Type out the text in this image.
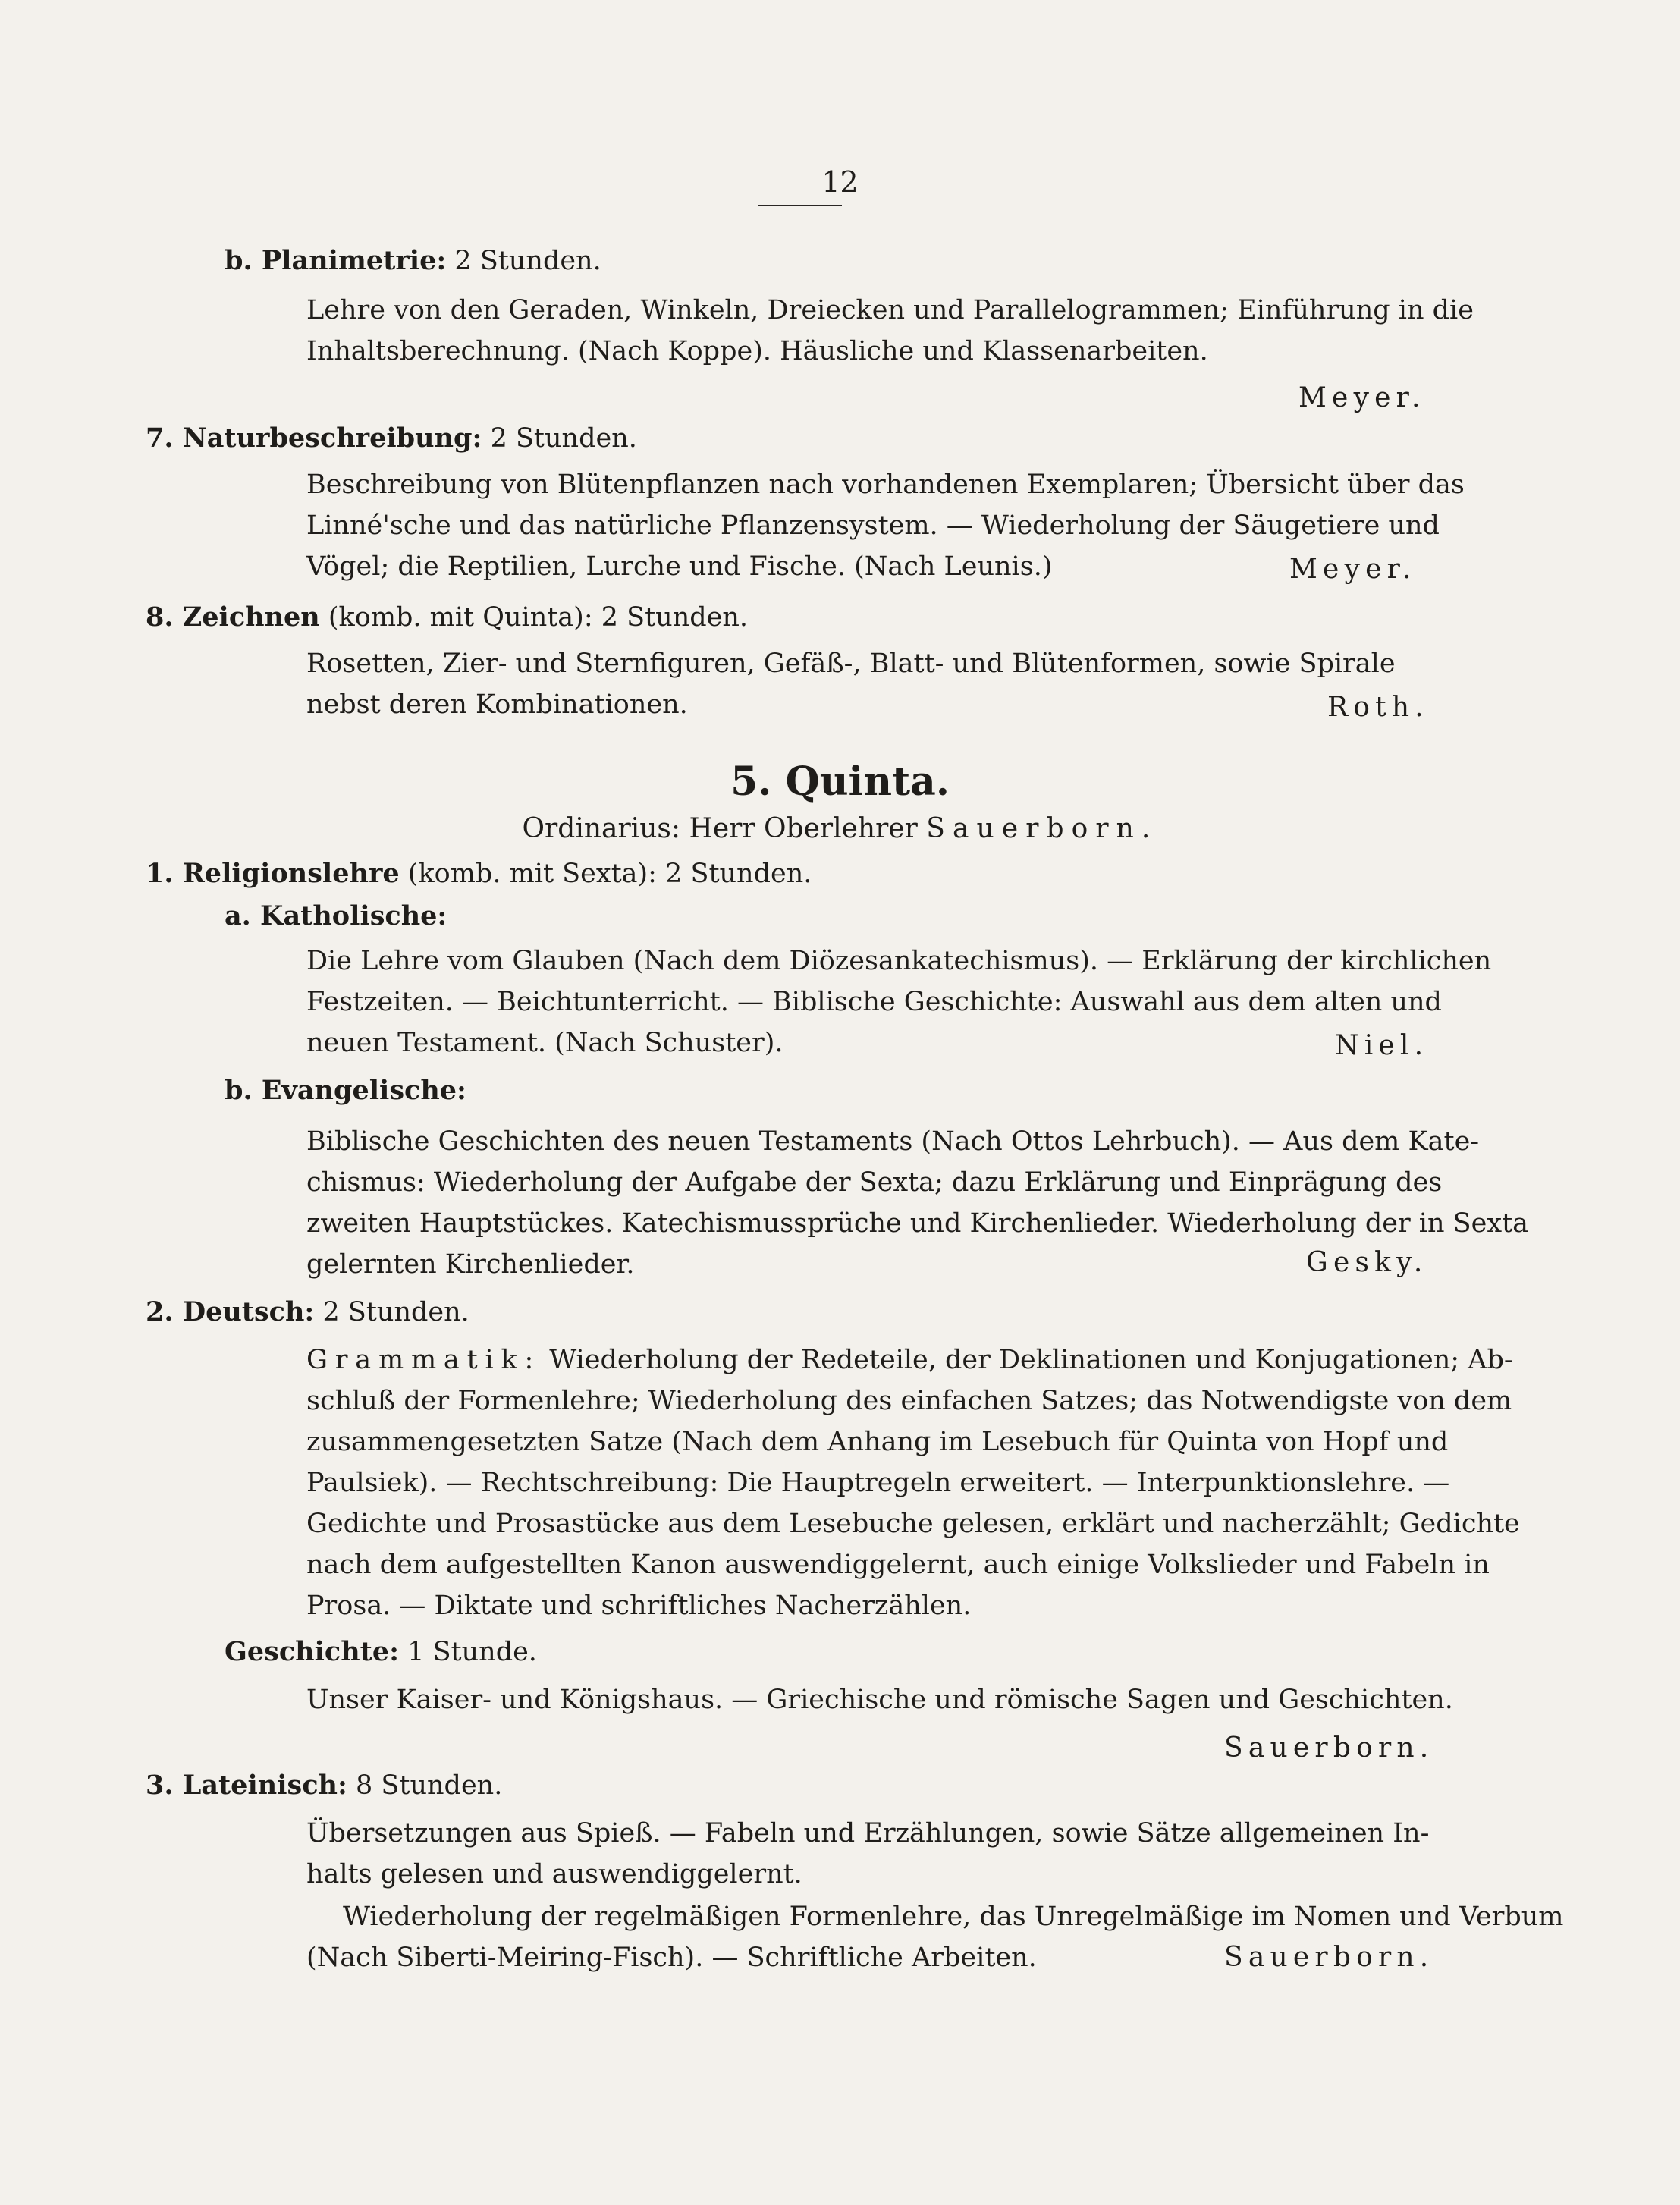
12
b. Planimetrie: 2 Stunden.
Lehre von den Geraden, Winkeln, Dreiecken und Parallelogrammen; Einführung in die
Inhaltsberechnung. (Nach Koppe). Häusliche und Klassenarbeiten.
Meyer.
7. Naturbeschreibung: 2 Stunden.
Beschreibung von Blütenpflanzen nach vorhandenen Exemplaren; Übersicht über das
Linné'sche und das natürliche Pflanzensystem. — Wiederholung der Säugetiere und
Vögel; die Reptilien, Lurche und Fische. (Nach Leunis.)	Meyer.
8. Zeichnen (komb. mit Quinta): 2 Stunden.
Rosetten, Zier- und Sternfiguren, Gefäß-, Blatt- und Blütenformen, sowie Spirale
nebst deren Kombinationen.	Roth.
5. Quinta.
Ordinarius: Herr Oberlehrer Sauerborn.
1. Religionslehre (komb. mit Sexta): 2 Stunden.
a. Katholische:
Die Lehre vom Glauben (Nach dem Diözesankatechismus). — Erklärung der kirchlichen
Festzeiten. — Beichtunterricht. — Biblische Geschichte: Auswahl aus dem alten und
neuen Testament. (Nach Schuster).	Niel.
b. Evangelische:
Biblische Geschichten des neuen Testaments (Nach Ottos Lehrbuch). — Aus dem Kate-
chismus: Wiederholung der Aufgabe der Sexta; dazu Erklärung und Einprägung des
zweiten Hauptstückes. Katechismussprüche und Kirchenlieder. Wiederholung der in Sexta
gelernten Kirchenlieder.	Gesky.
2. Deutsch: 2 Stunden.
Grammatik: Wiederholung der Redeteile, der Deklinationen und Konjugationen; Ab-
schluß der Formenlehre; Wiederholung des einfachen Satzes; das Notwendigste von dem
zusammengesetzten Satze (Nach dem Anhang im Lesebuch für Quinta von Hopf und
Paulsiek). — Rechtschreibung: Die Hauptregeln erweitert. — Interpunktionslehre. —
Gedichte und Prosastücke aus dem Lesebuche gelesen, erklärt und nacherzählt; Gedichte
nach dem aufgestellten Kanon auswendiggelernt, auch einige Volkslieder und Fabeln in
Prosa. — Diktate und schriftliches Nacherzählen.
Geschichte: 1 Stunde.
Unser Kaiser- und Königshaus. — Griechische und römische Sagen und Geschichten.
Sauerborn.
3. Lateinisch: 8 Stunden.
Übersetzungen aus Spieß. — Fabeln und Erzählungen, sowie Sätze allgemeinen In-
halts gelesen und auswendiggelernt.
Wiederholung der regelmäßigen Formenlehre, das Unregelmäßige im Nomen und Verbum
(Nach Siberti-Meiring-Fisch). — Schriftliche Arbeiten.	Sauerborn.
